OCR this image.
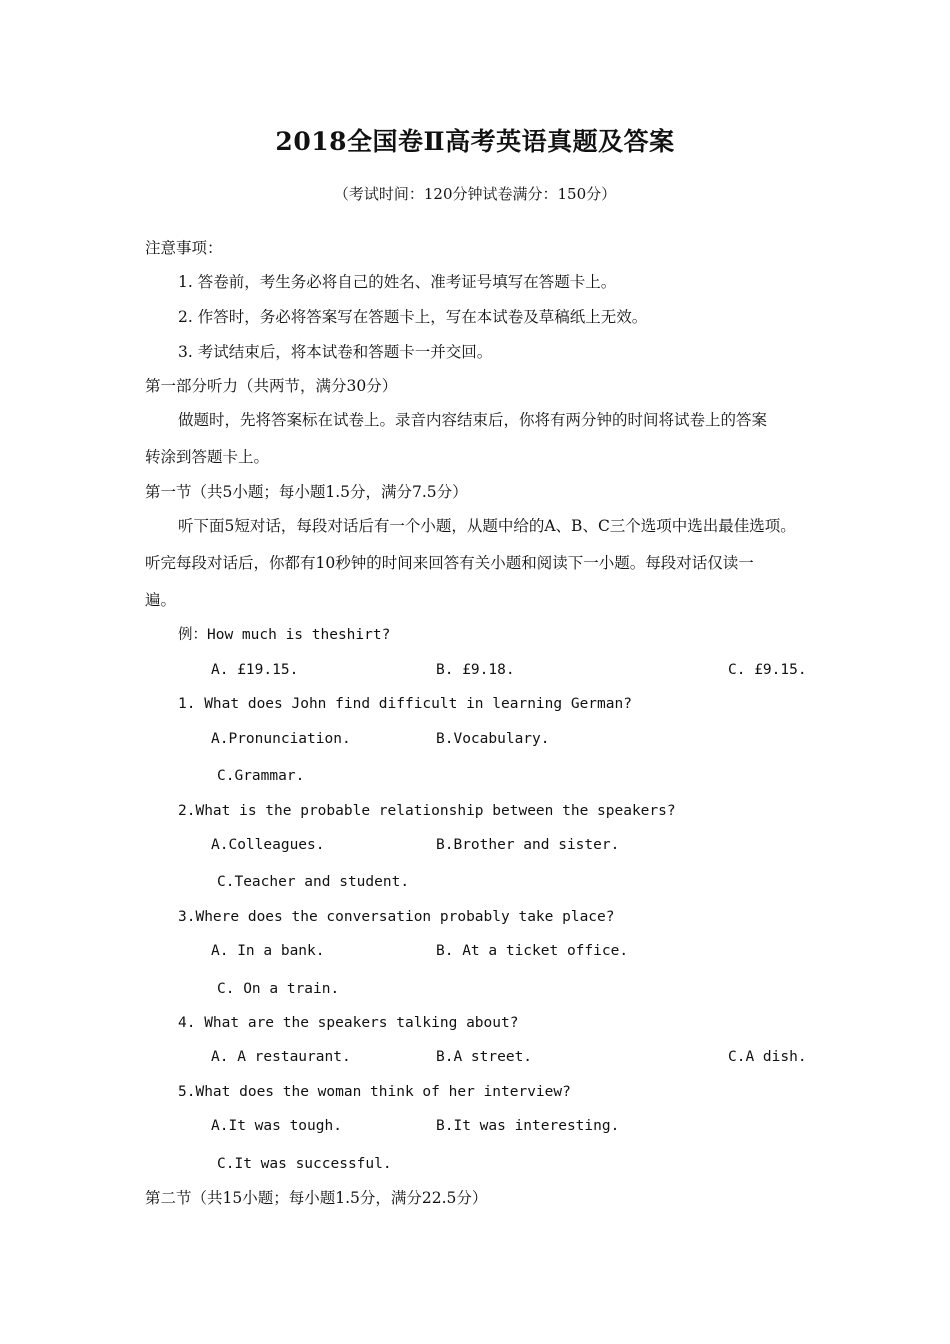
2018全国卷Ⅱ高考英语真题及答案
（考试时间：120分钟试卷满分：150分）
注意事项：
1. 答卷前，考生务必将自己的姓名、准考证号填写在答题卡上。
2. 作答时，务必将答案写在答题卡上，写在本试卷及草稿纸上无效。
3. 考试结束后，将本试卷和答题卡一并交回。
第一部分听力（共两节，满分30分）
做题时，先将答案标在试卷上。录音内容结束后，你将有两分钟的时间将试卷上的答案
转涂到答题卡上。
第一节（共5小题；每小题1.5分，满分7.5分）
听下面5短对话，每段对话后有一个小题，从题中给的A、B、C三个选项中选出最佳选项。
听完每段对话后，你都有10秒钟的时间来回答有关小题和阅读下一小题。每段对话仅读一
遍。
例：How much is theshirt?
A. £19.15.	B. £9.18.	C. £9.15.
1. What does John find difficult in learning German?
A.Pronunciation.	B.Vocabulary.
C.Grammar.
2.What is the probable relationship between the speakers?
A.Colleagues.	B.Brother and sister.
C.Teacher and student.
3.Where does the conversation probably take place?
A. In a bank.	B. At a ticket office.
C. On a train.
4. What are the speakers talking about?
A. A restaurant.	B.A street.	C.A dish.
5.What does the woman think of her interview?
A.It was tough.	B.It was interesting.
C.It was successful.
第二节（共15小题；每小题1.5分，满分22.5分）
